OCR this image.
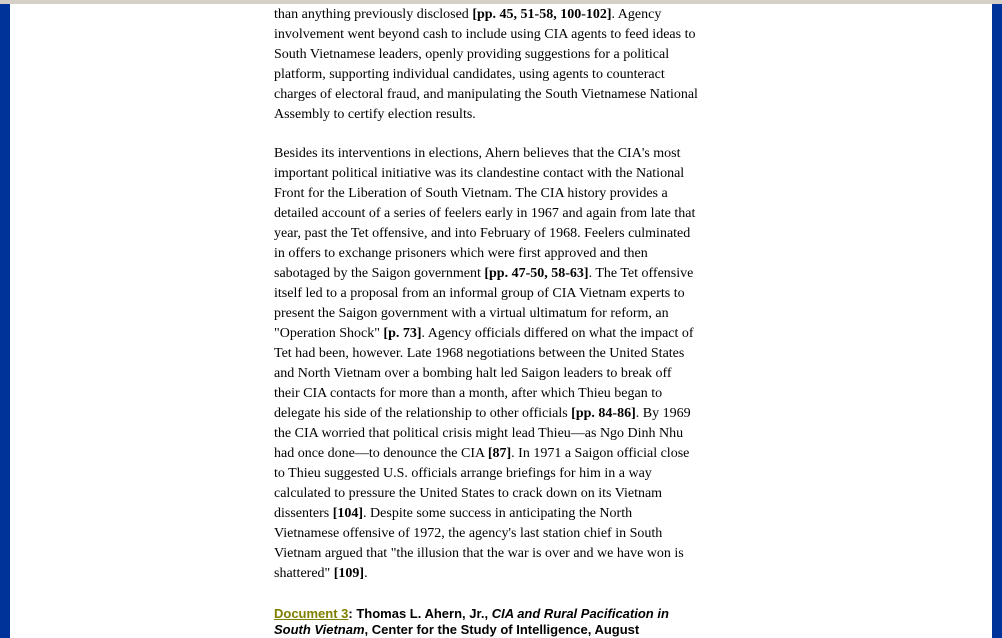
than anything previously disclosed [pp. 45, 51-58, 100-102]. Agency involvement went beyond cash to include using CIA agents to feed ideas to South Vietnamese leaders, openly providing suggestions for a political platform, supporting individual candidates, using agents to counteract charges of electoral fraud, and manipulating the South Vietnamese National Assembly to certify election results.

Besides its interventions in elections, Ahern believes that the CIA's most important political initiative was its clandestine contact with the National Front for the Liberation of South Vietnam. The CIA history provides a detailed account of a series of feelers early in 1967 and again from late that year, past the Tet offensive, and into February of 1968. Feelers culminated in offers to exchange prisoners which were first approved and then sabotaged by the Saigon government [pp. 47-50, 58-63]. The Tet offensive itself led to a proposal from an informal group of CIA Vietnam experts to present the Saigon government with a virtual ultimatum for reform, an "Operation Shock" [p. 73]. Agency officials differed on what the impact of Tet had been, however. Late 1968 negotiations between the United States and North Vietnam over a bombing halt led Saigon leaders to break off their CIA contacts for more than a month, after which Thieu began to delegate his side of the relationship to other officials [pp. 84-86]. By 1969 the CIA worried that political crisis might lead Thieu—as Ngo Dinh Nhu had once done—to denounce the CIA [87]. In 1971 a Saigon official close to Thieu suggested U.S. officials arrange briefings for him in a way calculated to pressure the United States to crack down on its Vietnam dissenters [104]. Despite some success in anticipating the North Vietnamese offensive of 1972, the agency's last station chief in South Vietnam argued that "the illusion that the war is over and we have won is shattered" [109].

Document 3: Thomas L. Ahern, Jr., CIA and Rural Pacification in South Vietnam, Center for the Study of Intelligence, August
